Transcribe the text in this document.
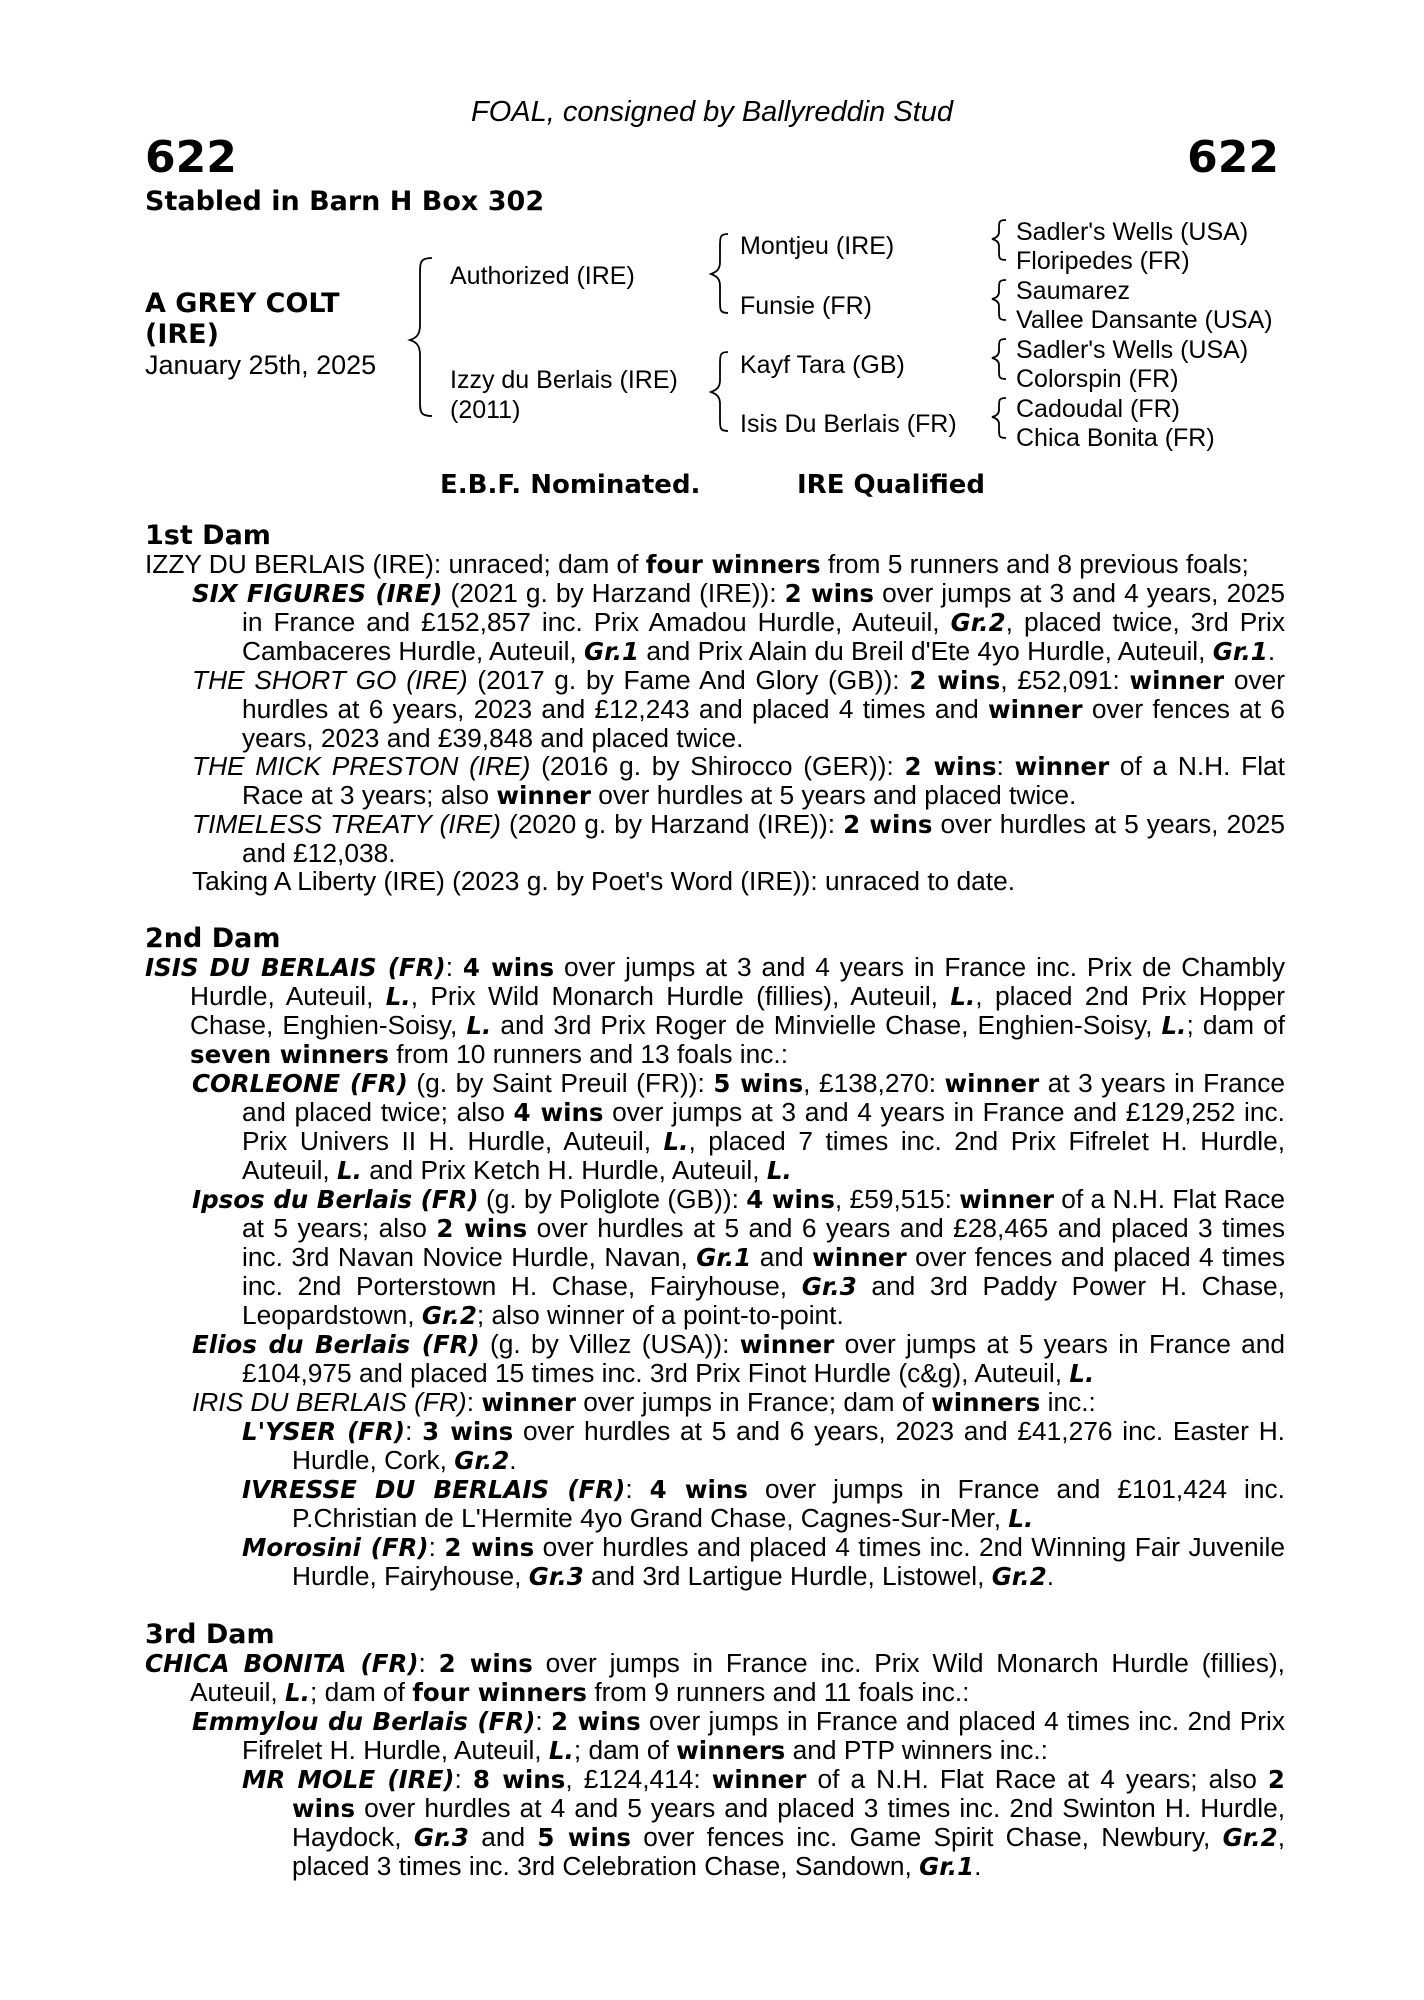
FOAL, consigned by Ballyreddin Stud
622	622
Stabled in Barn H Box 302
A GREY COLT
(IRE)
January 25th, 2025
Authorized (IRE)
Izzy du Berlais (IRE)
(2011)
Montjeu (IRE)
Funsie (FR)
Kayf Tara (GB)
Isis Du Berlais (FR)
Sadler's Wells (USA)
Floripedes (FR)
Saumarez
Vallee Dansante (USA)
Sadler's Wells (USA)
Colorspin (FR)
Cadoudal (FR)
Chica Bonita (FR)
E.B.F. Nominated.	IRE Qualified
1st Dam
IZZY DU BERLAIS (IRE): unraced; dam of four winners from 5 runners and 8 previous foals;
SIX FIGURES (IRE) (2021 g. by Harzand (IRE)): 2 wins over jumps at 3 and 4 years, 2025 in France and £152,857 inc. Prix Amadou Hurdle, Auteuil, Gr.2, placed twice, 3rd Prix Cambaceres Hurdle, Auteuil, Gr.1 and Prix Alain du Breil d'Ete 4yo Hurdle, Auteuil, Gr.1.
THE SHORT GO (IRE) (2017 g. by Fame And Glory (GB)): 2 wins, £52,091: winner over hurdles at 6 years, 2023 and £12,243 and placed 4 times and winner over fences at 6 years, 2023 and £39,848 and placed twice.
THE MICK PRESTON (IRE) (2016 g. by Shirocco (GER)): 2 wins: winner of a N.H. Flat Race at 3 years; also winner over hurdles at 5 years and placed twice.
TIMELESS TREATY (IRE) (2020 g. by Harzand (IRE)): 2 wins over hurdles at 5 years, 2025 and £12,038.
Taking A Liberty (IRE) (2023 g. by Poet's Word (IRE)): unraced to date.
2nd Dam
ISIS DU BERLAIS (FR): 4 wins over jumps at 3 and 4 years in France inc. Prix de Chambly Hurdle, Auteuil, L., Prix Wild Monarch Hurdle (fillies), Auteuil, L., placed 2nd Prix Hopper Chase, Enghien-Soisy, L. and 3rd Prix Roger de Minvielle Chase, Enghien-Soisy, L.; dam of seven winners from 10 runners and 13 foals inc.:
CORLEONE (FR) (g. by Saint Preuil (FR)): 5 wins, £138,270: winner at 3 years in France and placed twice; also 4 wins over jumps at 3 and 4 years in France and £129,252 inc. Prix Univers II H. Hurdle, Auteuil, L., placed 7 times inc. 2nd Prix Fifrelet H. Hurdle, Auteuil, L. and Prix Ketch H. Hurdle, Auteuil, L.
Ipsos du Berlais (FR) (g. by Poliglote (GB)): 4 wins, £59,515: winner of a N.H. Flat Race at 5 years; also 2 wins over hurdles at 5 and 6 years and £28,465 and placed 3 times inc. 3rd Navan Novice Hurdle, Navan, Gr.1 and winner over fences and placed 4 times inc. 2nd Porterstown H. Chase, Fairyhouse, Gr.3 and 3rd Paddy Power H. Chase, Leopardstown, Gr.2; also winner of a point-to-point.
Elios du Berlais (FR) (g. by Villez (USA)): winner over jumps at 5 years in France and £104,975 and placed 15 times inc. 3rd Prix Finot Hurdle (c&g), Auteuil, L.
IRIS DU BERLAIS (FR): winner over jumps in France; dam of winners inc.:
L'YSER (FR): 3 wins over hurdles at 5 and 6 years, 2023 and £41,276 inc. Easter H. Hurdle, Cork, Gr.2.
IVRESSE DU BERLAIS (FR): 4 wins over jumps in France and £101,424 inc. P.Christian de L'Hermite 4yo Grand Chase, Cagnes-Sur-Mer, L.
Morosini (FR): 2 wins over hurdles and placed 4 times inc. 2nd Winning Fair Juvenile Hurdle, Fairyhouse, Gr.3 and 3rd Lartigue Hurdle, Listowel, Gr.2.
3rd Dam
CHICA BONITA (FR): 2 wins over jumps in France inc. Prix Wild Monarch Hurdle (fillies), Auteuil, L.; dam of four winners from 9 runners and 11 foals inc.:
Emmylou du Berlais (FR): 2 wins over jumps in France and placed 4 times inc. 2nd Prix Fifrelet H. Hurdle, Auteuil, L.; dam of winners and PTP winners inc.:
MR MOLE (IRE): 8 wins, £124,414: winner of a N.H. Flat Race at 4 years; also 2 wins over hurdles at 4 and 5 years and placed 3 times inc. 2nd Swinton H. Hurdle, Haydock, Gr.3 and 5 wins over fences inc. Game Spirit Chase, Newbury, Gr.2, placed 3 times inc. 3rd Celebration Chase, Sandown, Gr.1.
